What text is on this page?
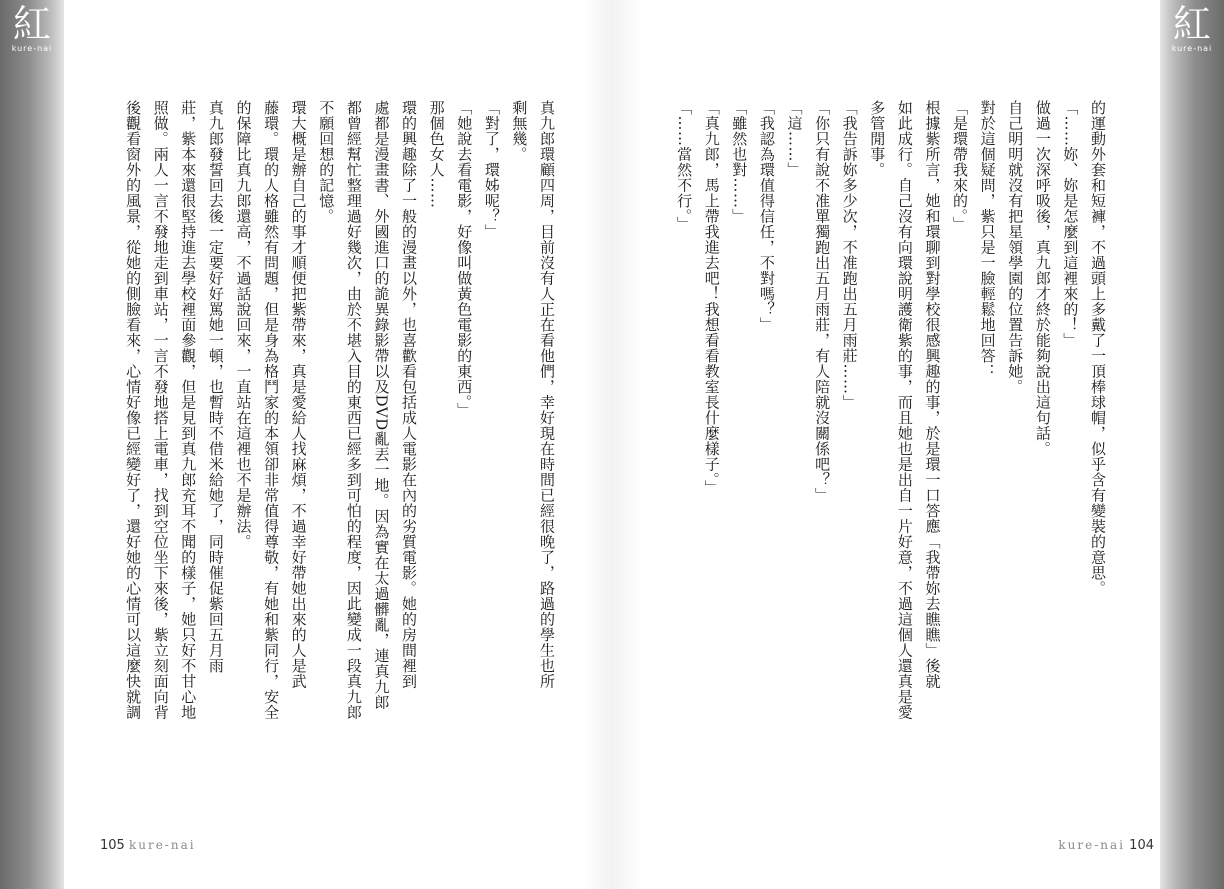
紅
kure-nai
紅
kure-nai
的運動外套和短褲，不過頭上多戴了一頂棒球帽，似乎含有變裝的意思。
「……妳、妳是怎麼到這裡來的！」
做過一次深呼吸後，真九郎才終於能夠說出這句話。
自己明明就沒有把星領學園的位置告訴她。
對於這個疑問，紫只是一臉輕鬆地回答：
「是環帶我來的。」
根據紫所言，她和環聊到對學校很感興趣的事，於是環一口答應「我帶妳去瞧瞧」後就
如此成行。自己沒有向環說明護衛紫的事，而且她也是出自一片好意，不過這個人還真是愛
多管閒事。
「我告訴妳多少次，不准跑出五月雨莊……」
「你只有說不准單獨跑出五月雨莊，有人陪就沒關係吧？」
「這……」
「我認為環值得信任，不對嗎？」
「雖然也對……」
「真九郎，馬上帶我進去吧！我想看看教室長什麼樣子。」
「……當然不行。」
真九郎環顧四周，目前沒有人正在看他們，幸好現在時間已經很晚了，路過的學生也所
剩無幾。
「對了，環姊呢？」
「她說去看電影，好像叫做黃色電影的東西。」
那個色女人……
環的興趣除了一般的漫畫以外，也喜歡看包括成人電影在內的劣質電影。她的房間裡到
處都是漫畫書、外國進口的詭異錄影帶以及DVD亂丟一地。因為實在太過髒亂，連真九郎
都曾經幫忙整理過好幾次，由於不堪入目的東西已經多到可怕的程度，因此變成一段真九郎
不願回想的記憶。
環大概是辦自己的事才順便把紫帶來，真是愛給人找麻煩，不過幸好帶她出來的人是武
藤環。環的人格雖然有問題，但是身為格鬥家的本領卻非常值得尊敬，有她和紫同行，安全
的保障比真九郎還高，不過話說回來，一直站在這裡也不是辦法。
真九郎發誓回去後一定要好好罵她一頓，也暫時不借米給她了，同時催促紫回五月雨
莊，紫本來還很堅持進去學校裡面參觀，但是見到真九郎充耳不聞的樣子，她只好不甘心地
照做。兩人一言不發地走到車站，一言不發地搭上電車，找到空位坐下來後，紫立刻面向背
後觀看窗外的風景，從她的側臉看來，心情好像已經變好了，還好她的心情可以這麼快就調
105 kure-nai	kure-nai 104
